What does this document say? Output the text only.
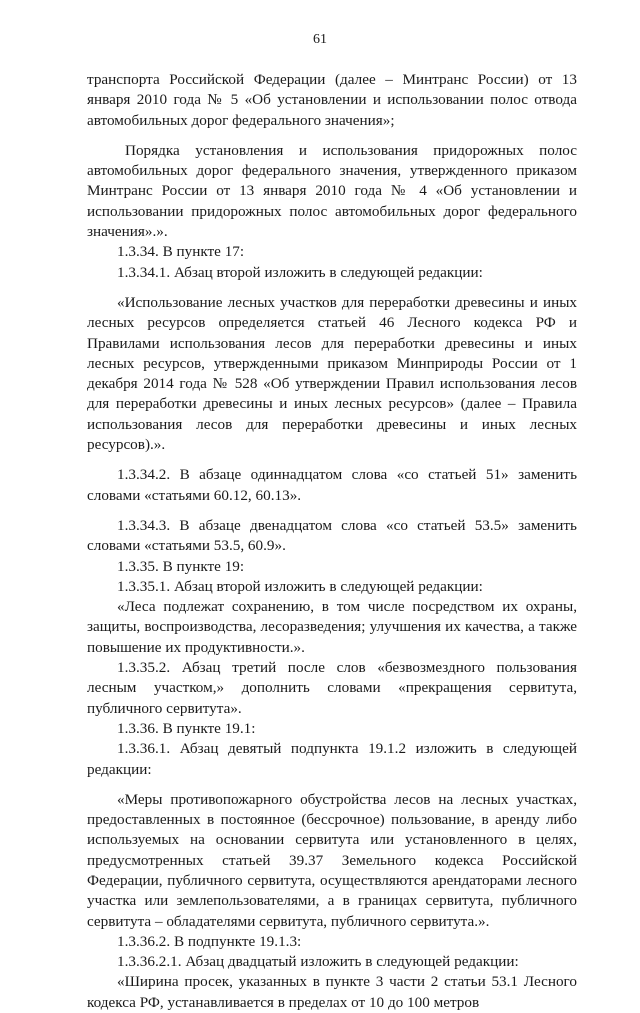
61

транспорта Российской Федерации (далее – Минтранс России) от 13 января 2010 года № 5 «Об установлении и использовании полос отвода автомобильных дорог федерального значения»;

Порядка установления и использования придорожных полос автомобильных дорог федерального значения, утвержденного приказом Минтранс России от 13 января 2010 года № 4 «Об установлении и использовании придорожных полос автомобильных дорог федерального значения».».

1.3.34. В пункте 17:

1.3.34.1. Абзац второй изложить в следующей редакции:

«Использование лесных участков для переработки древесины и иных лесных ресурсов определяется статьей 46 Лесного кодекса РФ и Правилами использования лесов для переработки древесины и иных лесных ресурсов, утвержденными приказом Минприроды России от 1 декабря 2014 года № 528 «Об утверждении Правил использования лесов для переработки древесины и иных лесных ресурсов» (далее – Правила использования лесов для переработки древесины и иных лесных ресурсов).».

1.3.34.2. В абзаце одиннадцатом слова «со статьей 51» заменить словами «статьями 60.12, 60.13».

1.3.34.3. В абзаце двенадцатом слова «со статьей 53.5» заменить словами «статьями 53.5, 60.9».

1.3.35. В пункте 19:

1.3.35.1. Абзац второй изложить в следующей редакции:

«Леса подлежат сохранению, в том числе посредством их охраны, защиты, воспроизводства, лесоразведения; улучшения их качества, а также повышение их продуктивности.».

1.3.35.2. Абзац третий после слов «безвозмездного пользования лесным участком,» дополнить словами «прекращения сервитута, публичного сервитута».

1.3.36. В пункте 19.1:

1.3.36.1. Абзац девятый подпункта 19.1.2 изложить в следующей редакции:

«Меры противопожарного обустройства лесов на лесных участках, предоставленных в постоянное (бессрочное) пользование, в аренду либо используемых на основании сервитута или установленного в целях, предусмотренных статьей 39.37 Земельного кодекса Российской Федерации, публичного сервитута, осуществляются арендаторами лесного участка или землепользователями, а в границах сервитута, публичного сервитута – обладателями сервитута, публичного сервитута.».

1.3.36.2. В подпункте 19.1.3:

1.3.36.2.1. Абзац двадцатый изложить в следующей редакции:

«Ширина просек, указанных в пункте 3 части 2 статьи 53.1 Лесного кодекса РФ, устанавливается в пределах от 10 до 100 метров
